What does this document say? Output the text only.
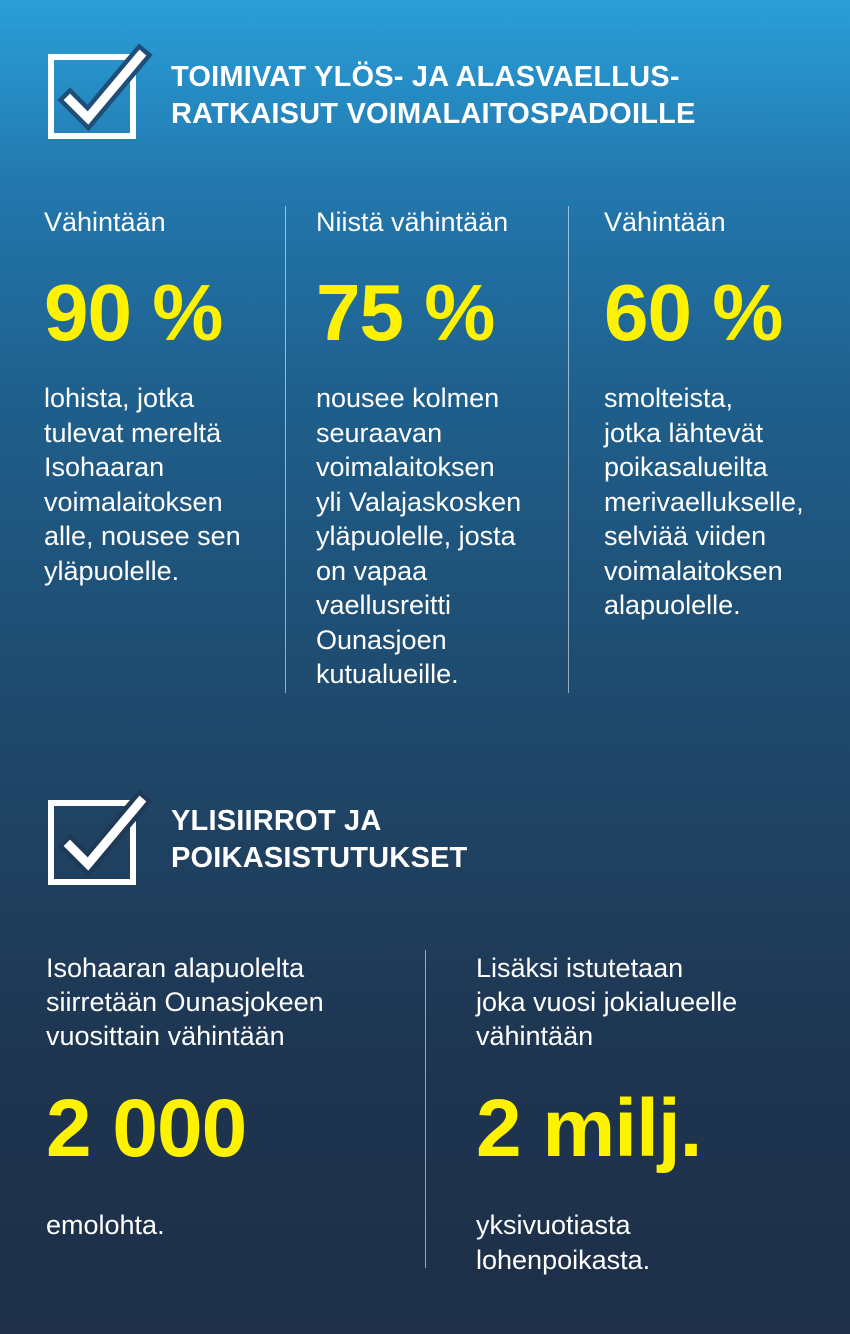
TOIMIVAT YLÖS- JA ALASVAELLUS-
RATKAISUT VOIMALAITOSPADOILLE
Vähintään
90 %
lohista, jotka
tulevat mereltä
Isohaaran
voimalaitoksen
alle, nousee sen
yläpuolelle.
Niistä vähintään
75 %
nousee kolmen
seuraavan
voimalaitoksen
yli Valajaskosken
yläpuolelle, josta
on vapaa
vaellusreitti
Ounasjoen
kutualueille.
Vähintään
60 %
smolteista,
jotka lähtevät
poikasalueilta
merivaellukselle,
selviää viiden
voimalaitoksen
alapuolelle.
YLISIIRROT JA
POIKASISTUTUKSET
Isohaaran alapuolelta
siirretään Ounasjokeen
vuosittain vähintään
2 000
emolohta.
Lisäksi istutetaan
joka vuosi jokialueelle
vähintään
2 milj.
yksivuotiasta
lohenpoikasta.
